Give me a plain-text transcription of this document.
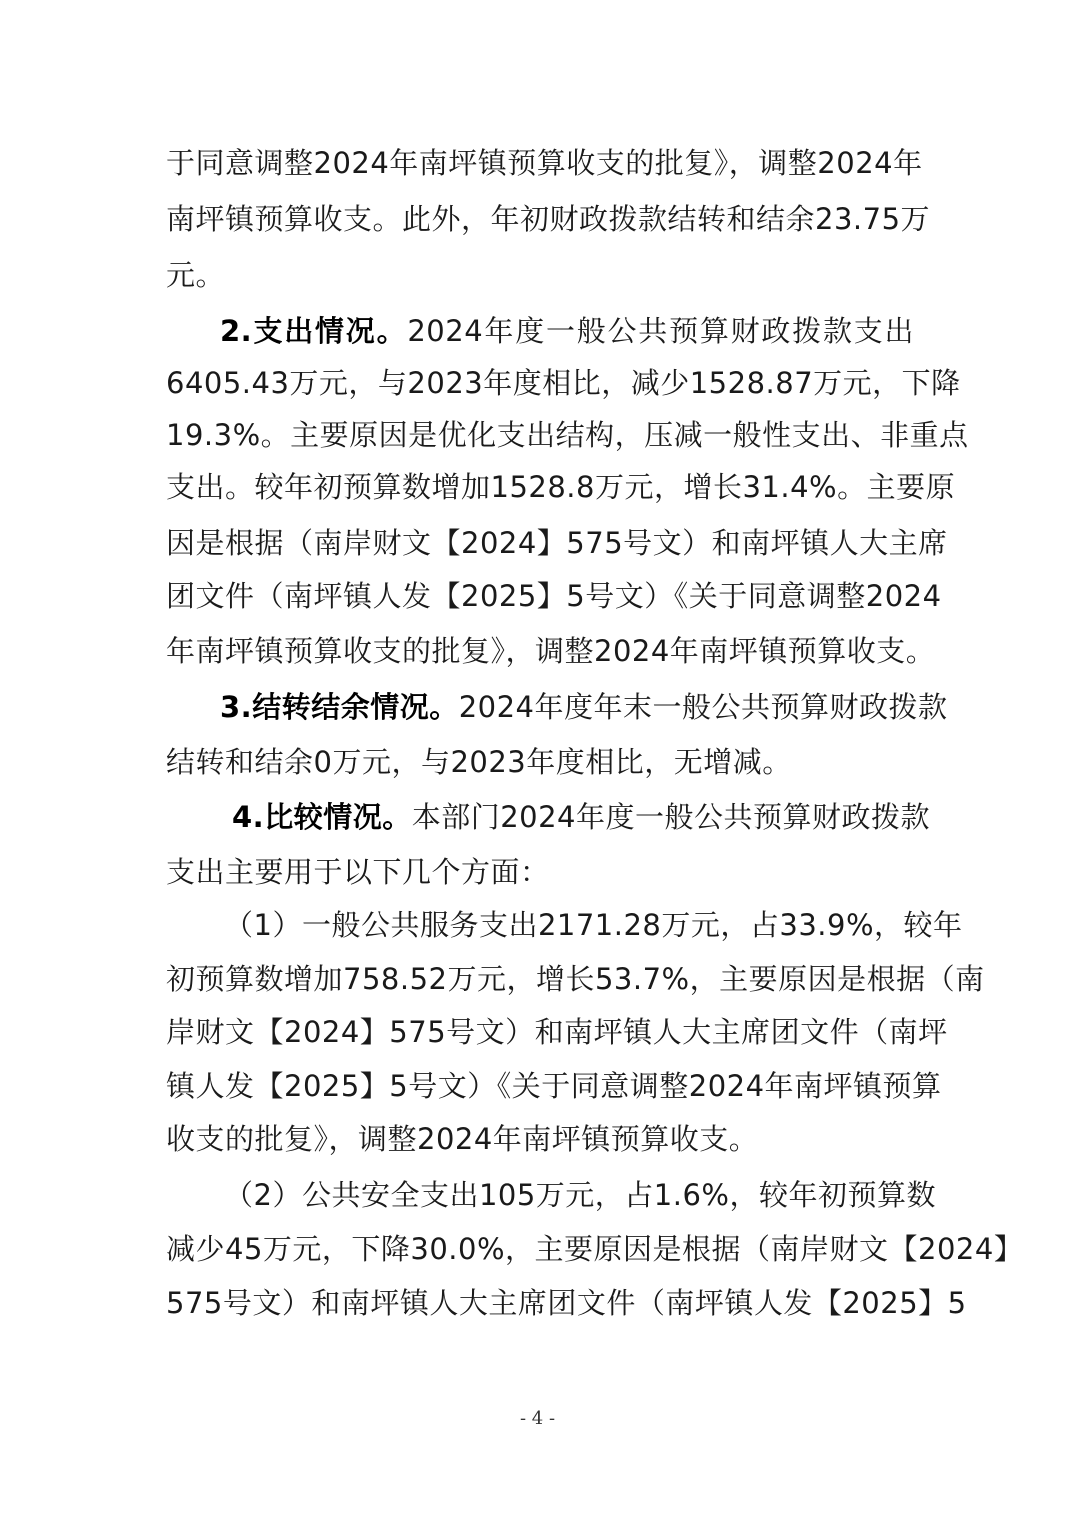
于同意调整2024年南坪镇预算收支的批复》，调整2024年
南坪镇预算收支。此外，年初财政拨款结转和结余23.75万
元。
2.支出情况。2024年度一般公共预算财政拨款支出
6405.43万元，与2023年度相比，减少1528.87万元，下降
19.3%。主要原因是优化支出结构，压减一般性支出、非重点
支出。较年初预算数增加1528.8万元，增长31.4%。主要原
因是根据（南岸财文【2024】575号文）和南坪镇人大主席
团文件（南坪镇人发【2025】5号文）《关于同意调整2024
年南坪镇预算收支的批复》，调整2024年南坪镇预算收支。
3.结转结余情况。2024年度年末一般公共预算财政拨款
结转和结余0万元，与2023年度相比，无增减。
4.比较情况。本部门2024年度一般公共预算财政拨款
支出主要用于以下几个方面：
（1）一般公共服务支出2171.28万元，占33.9%，较年
初预算数增加758.52万元，增长53.7%，主要原因是根据（南
岸财文【2024】575号文）和南坪镇人大主席团文件（南坪
镇人发【2025】5号文）《关于同意调整2024年南坪镇预算
收支的批复》，调整2024年南坪镇预算收支。
（2）公共安全支出105万元，占1.6%，较年初预算数
减少45万元，下降30.0%，主要原因是根据（南岸财文【2024】
575号文）和南坪镇人大主席团文件（南坪镇人发【2025】5
- 4 -
